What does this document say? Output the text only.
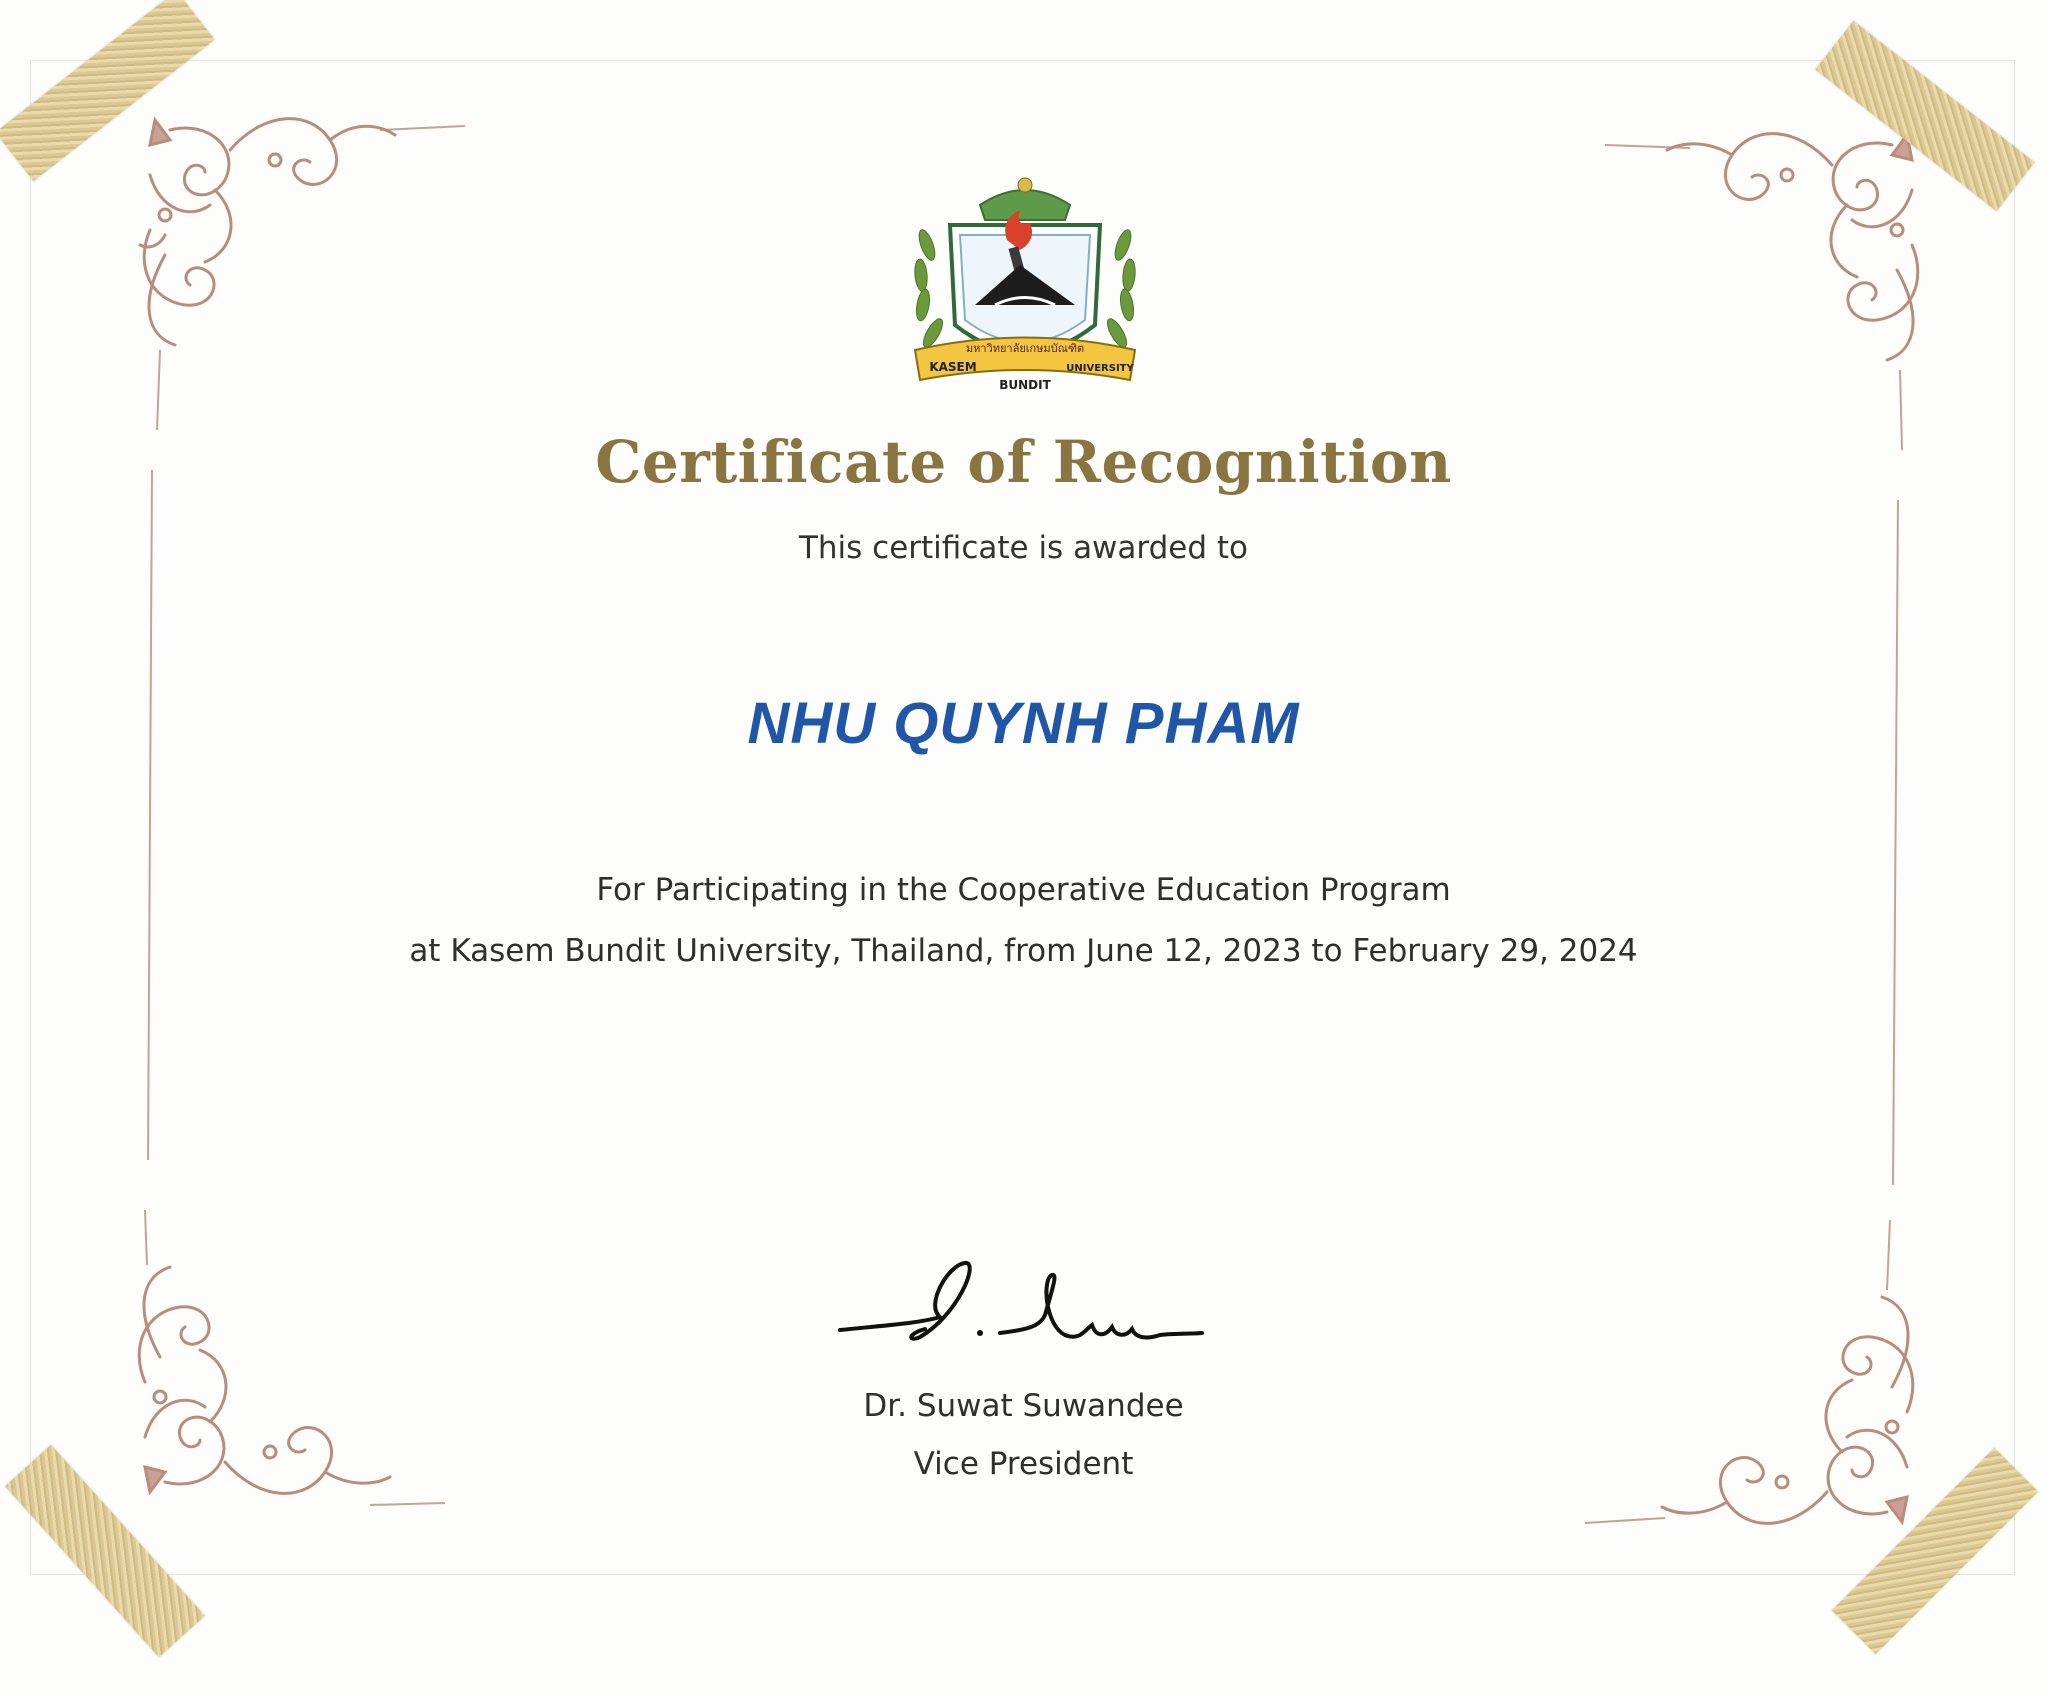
มหาวิทยาลัยเกษมบัณฑิต
KASEM
BUNDIT
UNIVERSITY
Certificate of Recognition
This certificate is awarded to
NHU QUYNH PHAM
For Participating in the Cooperative Education Program
at Kasem Bundit University, Thailand, from June 12, 2023 to February 29, 2024
Dr. Suwat Suwandee
Vice President
